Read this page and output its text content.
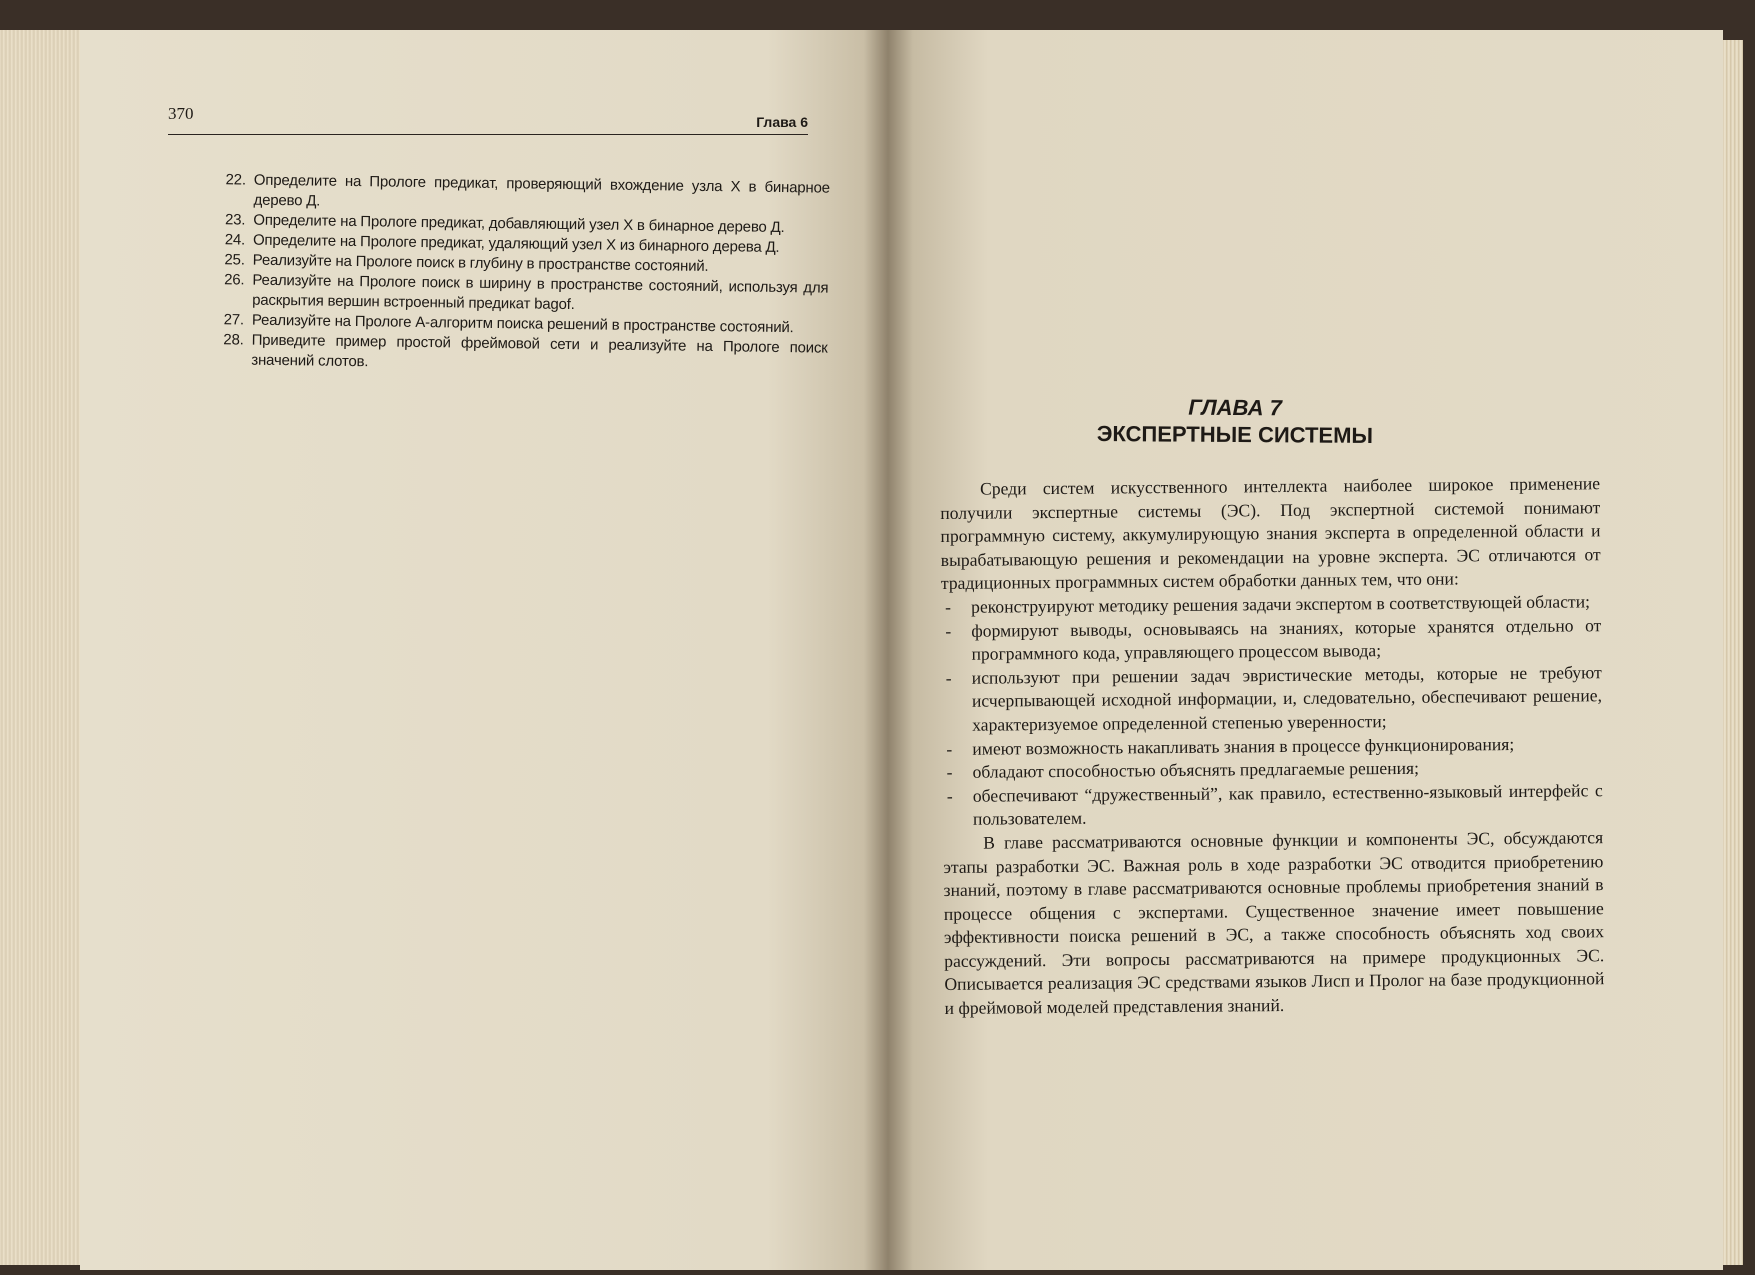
370	Глава 6
22. Определите на Прологе предикат, проверяющий вхождение узла X в бинарное дерево Д.
23. Определите на Прологе предикат, добавляющий узел X в бинарное дерево Д.
24. Определите на Прологе предикат, удаляющий узел X из бинарного дерева Д.
25. Реализуйте на Прологе поиск в глубину в пространстве состояний.
26. Реализуйте на Прологе поиск в ширину в пространстве состояний, используя для раскрытия вершин встроенный предикат bagof.
27. Реализуйте на Прологе А-алгоритм поиска решений в пространстве состояний.
28. Приведите пример простой фреймовой сети и реализуйте на Прологе поиск значений слотов.
ГЛАВА 7
ЭКСПЕРТНЫЕ СИСТЕМЫ

Среди систем искусственного интеллекта наиболее широкое применение получили экспертные системы (ЭС). Под экспертной системой понимают программную систему, аккумулирующую знания эксперта в определенной области и вырабатывающую решения и рекомендации на уровне эксперта. ЭС отличаются от традиционных программных систем обработки данных тем, что они:

- реконструируют методику решения задачи экспертом в соответствующей области;

- формируют выводы, основываясь на знаниях, которые хранятся отдельно от программного кода, управляющего процессом вывода;

- используют при решении задач эвристические методы, которые не требуют исчерпывающей исходной информации, и, следовательно, обеспечивают решение, характеризуемое определенной степенью уверенности;

- имеют возможность накапливать знания в процессе функционирования;

- обладают способностью объяснять предлагаемые решения;

- обеспечивают “дружественный”, как правило, естественно-языковый интерфейс с пользователем.

В главе рассматриваются основные функции и компоненты ЭС, обсуждаются этапы разработки ЭС. Важная роль в ходе разработки ЭС отводится приобретению знаний, поэтому в главе рассматриваются основные проблемы приобретения знаний в процессе общения с экспертами. Существенное значение имеет повышение эффективности поиска решений в ЭС, а также способность объяснять ход своих рассуждений. Эти вопросы рассматриваются на примере продукционных ЭС. Описывается реализация ЭС средствами языков Лисп и Пролог на базе продукционной и фреймовой моделей представления знаний.
